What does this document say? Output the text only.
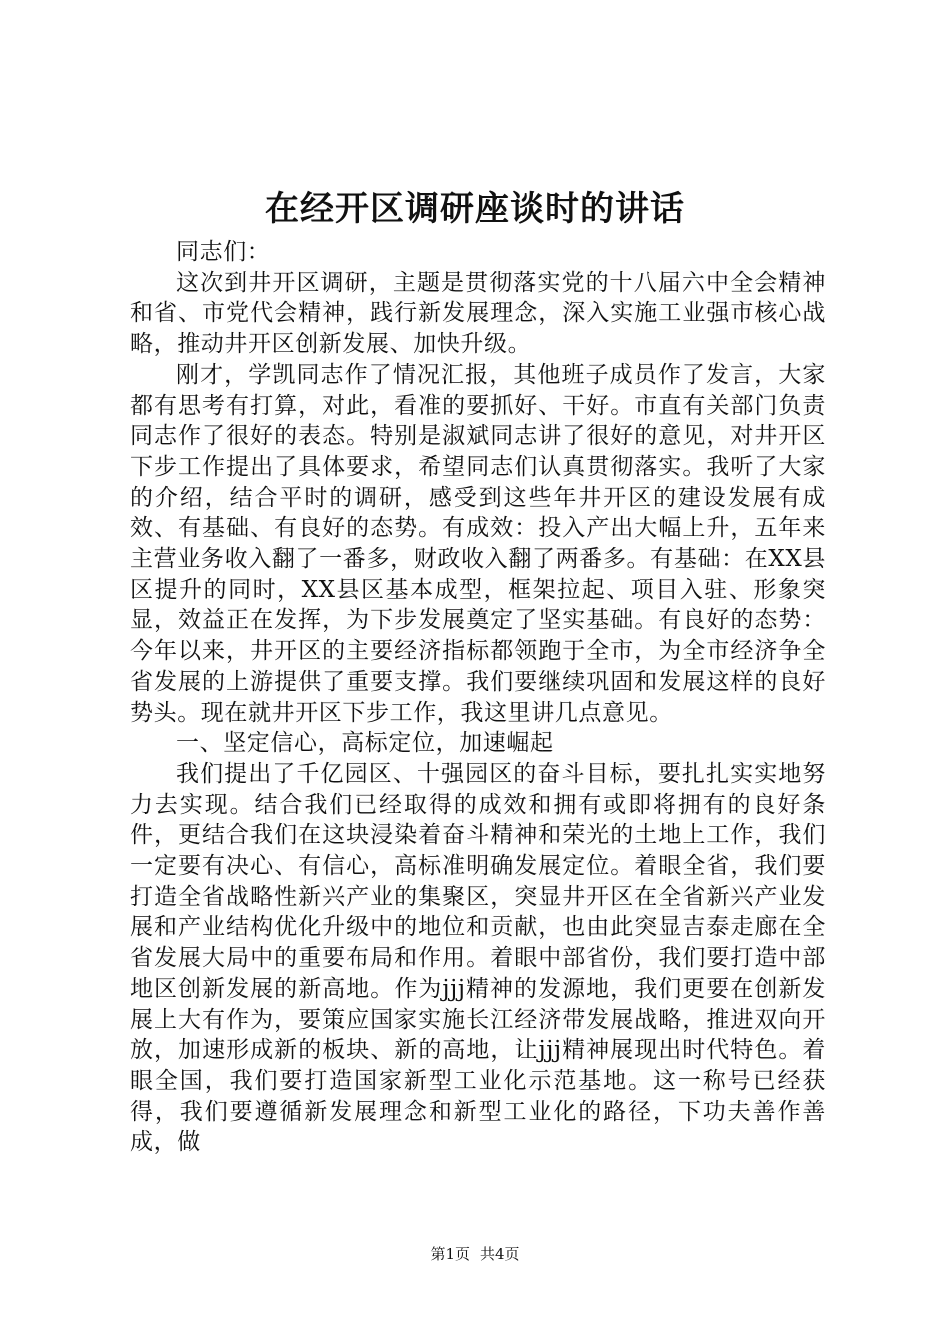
在经开区调研座谈时的讲话

同志们：

这次到井开区调研，主题是贯彻落实党的十八届六中全会精神和省、市党代会精神，践行新发展理念，深入实施工业强市核心战略，推动井开区创新发展、加快升级。

刚才，学凯同志作了情况汇报，其他班子成员作了发言，大家都有思考有打算，对此，看准的要抓好、干好。市直有关部门负责同志作了很好的表态。特别是淑斌同志讲了很好的意见，对井开区下步工作提出了具体要求，希望同志们认真贯彻落实。我听了大家的介绍，结合平时的调研，感受到这些年井开区的建设发展有成效、有基础、有良好的态势。有成效：投入产出大幅上升，五年来主营业务收入翻了一番多，财政收入翻了两番多。有基础：在XX县区提升的同时，XX县区基本成型，框架拉起、项目入驻、形象突显，效益正在发挥，为下步发展奠定了坚实基础。有良好的态势：今年以来，井开区的主要经济指标都领跑于全市，为全市经济争全省发展的上游提供了重要支撑。我们要继续巩固和发展这样的良好势头。现在就井开区下步工作，我这里讲几点意见。

一、坚定信心，高标定位，加速崛起

我们提出了千亿园区、十强园区的奋斗目标，要扎扎实实地努力去实现。结合我们已经取得的成效和拥有或即将拥有的良好条件，更结合我们在这块浸染着奋斗精神和荣光的土地上工作，我们一定要有决心、有信心，高标准明确发展定位。着眼全省，我们要打造全省战略性新兴产业的集聚区，突显井开区在全省新兴产业发展和产业结构优化升级中的地位和贡献，也由此突显吉泰走廊在全省发展大局中的重要布局和作用。着眼中部省份，我们要打造中部地区创新发展的新高地。作为jjj精神的发源地，我们更要在创新发展上大有作为，要策应国家实施长江经济带发展战略，推进双向开放，加速形成新的板块、新的高地，让jjj精神展现出时代特色。着眼全国，我们要打造国家新型工业化示范基地。这一称号已经获得，我们要遵循新发展理念和新型工业化的路径，下功夫善作善成，做

第1页 共4页
